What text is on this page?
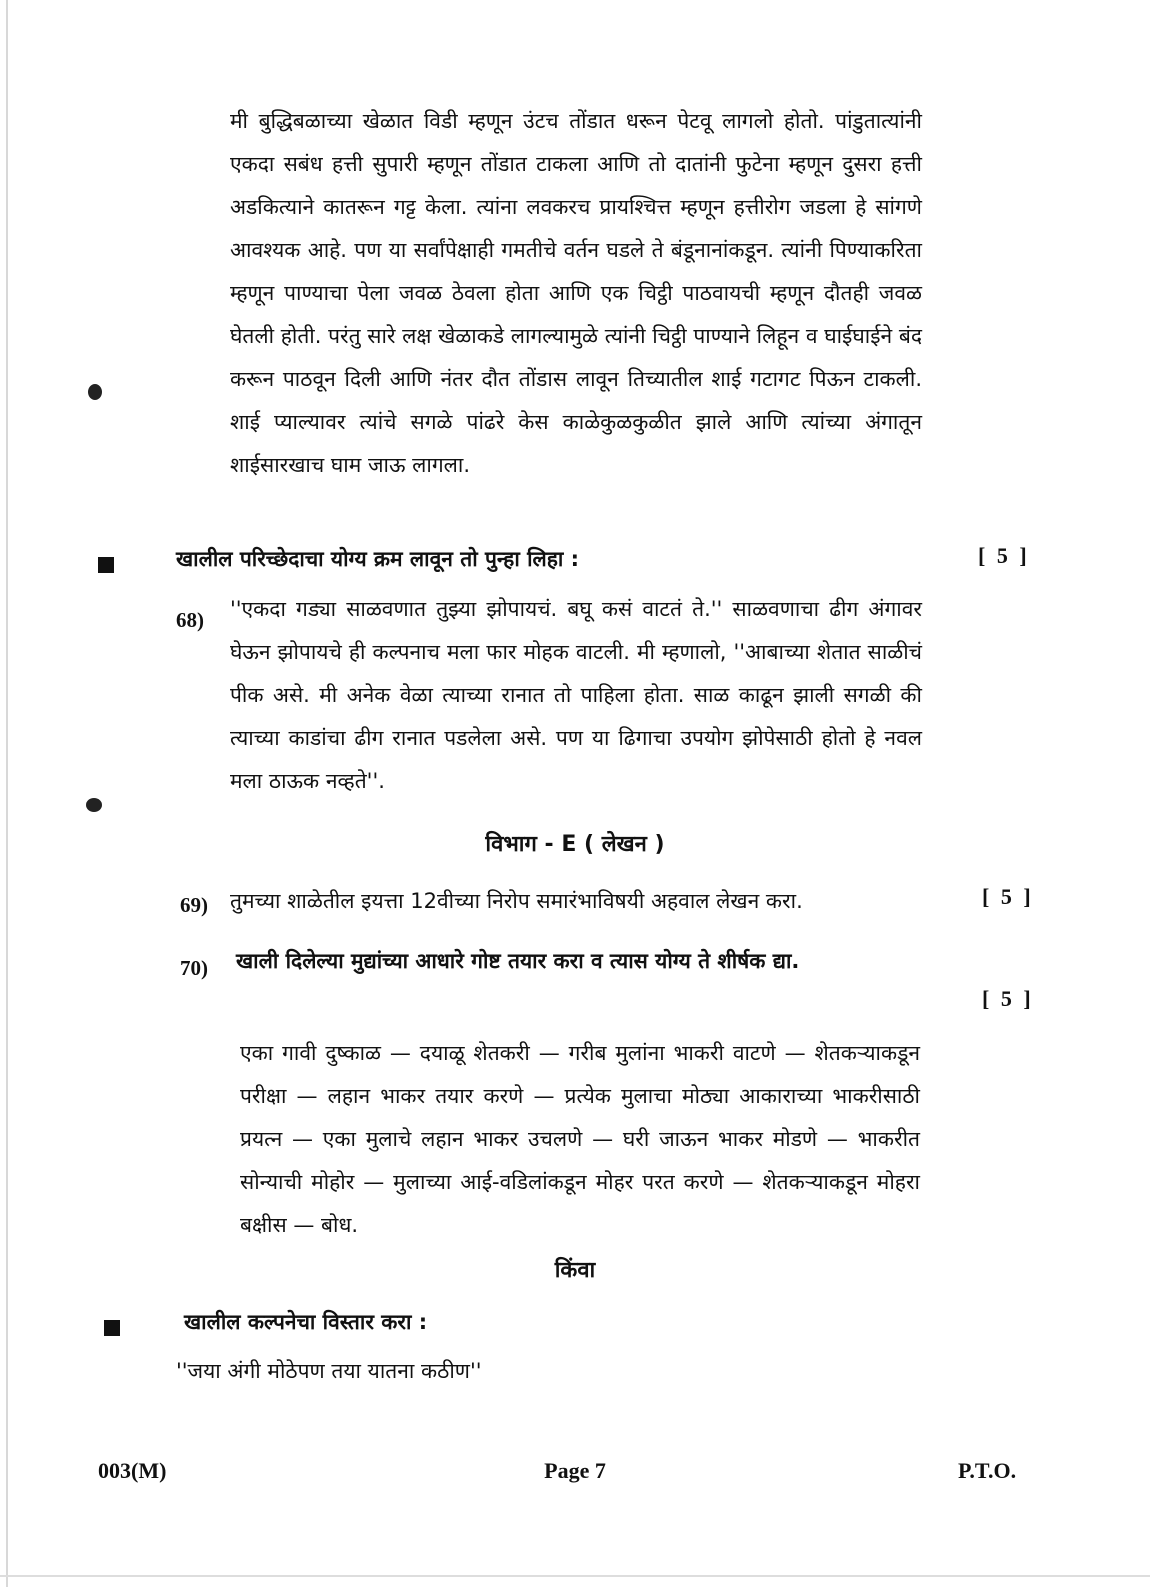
मी बुद्धिबळाच्या खेळात विडी म्हणून उंटच तोंडात धरून पेटवू लागलो होतो. पांडुतात्यांनी एकदा सबंध हत्ती सुपारी म्हणून तोंडात टाकला आणि तो दातांनी फुटेना म्हणून दुसरा हत्ती अडकित्याने कातरून गट्ट केला. त्यांना लवकरच प्रायश्चित्त म्हणून हत्तीरोग जडला हे सांगणे आवश्यक आहे. पण या सर्वांपेक्षाही गमतीचे वर्तन घडले ते बंडूनानांकडून. त्यांनी पिण्याकरिता म्हणून पाण्याचा पेला जवळ ठेवला होता आणि एक चिट्ठी पाठवायची म्हणून दौतही जवळ घेतली होती. परंतु सारे लक्ष खेळाकडे लागल्यामुळे त्यांनी चिट्ठी पाण्याने लिहून व घाईघाईने बंद करून पाठवून दिली आणि नंतर दौत तोंडास लावून तिच्यातील शाई गटागट पिऊन टाकली. शाई प्याल्यावर त्यांचे सगळे पांढरे केस काळेकुळकुळीत झाले आणि त्यांच्या अंगातून शाईसारखाच घाम जाऊ लागला.

खालील परिच्छेदाचा योग्य क्रम लावून तो पुन्हा लिहा :	[ 5 ]
68) ''एकदा गड्या साळवणात तुझ्या झोपायचं. बघू कसं वाटतं ते.'' साळवणाचा ढीग अंगावर घेऊन झोपायचे ही कल्पनाच मला फार मोहक वाटली. मी म्हणालो, ''आबाच्या शेतात साळीचं पीक असे. मी अनेक वेळा त्याच्या रानात तो पाहिला होता. साळ काढून झाली सगळी की त्याच्या काडांचा ढीग रानात पडलेला असे. पण या ढिगाचा उपयोग झोपेसाठी होतो हे नवल मला ठाऊक नव्हते''.

विभाग - E ( लेखन )
69) तुमच्या शाळेतील इयत्ता 12वीच्या निरोप समारंभाविषयी अहवाल लेखन करा.	[ 5 ]
70) खाली दिलेल्या मुद्यांच्या आधारे गोष्ट तयार करा व त्यास योग्य ते शीर्षक द्या.

[ 5 ]

एका गावी दुष्काळ — दयाळू शेतकरी — गरीब मुलांना भाकरी वाटणे — शेतकऱ्याकडून परीक्षा — लहान भाकर तयार करणे — प्रत्येक मुलाचा मोठ्या आकाराच्या भाकरीसाठी प्रयत्न — एका मुलाचे लहान भाकर उचलणे — घरी जाऊन भाकर मोडणे — भाकरीत सोन्याची मोहोर — मुलाच्या आई-वडिलांकडून मोहर परत करणे — शेतकऱ्याकडून मोहरा बक्षीस — बोध.

किंवा
खालील कल्पनेचा विस्तार करा :

''जया अंगी मोठेपण तया यातना कठीण''

003(M)	Page 7	P.T.O.
